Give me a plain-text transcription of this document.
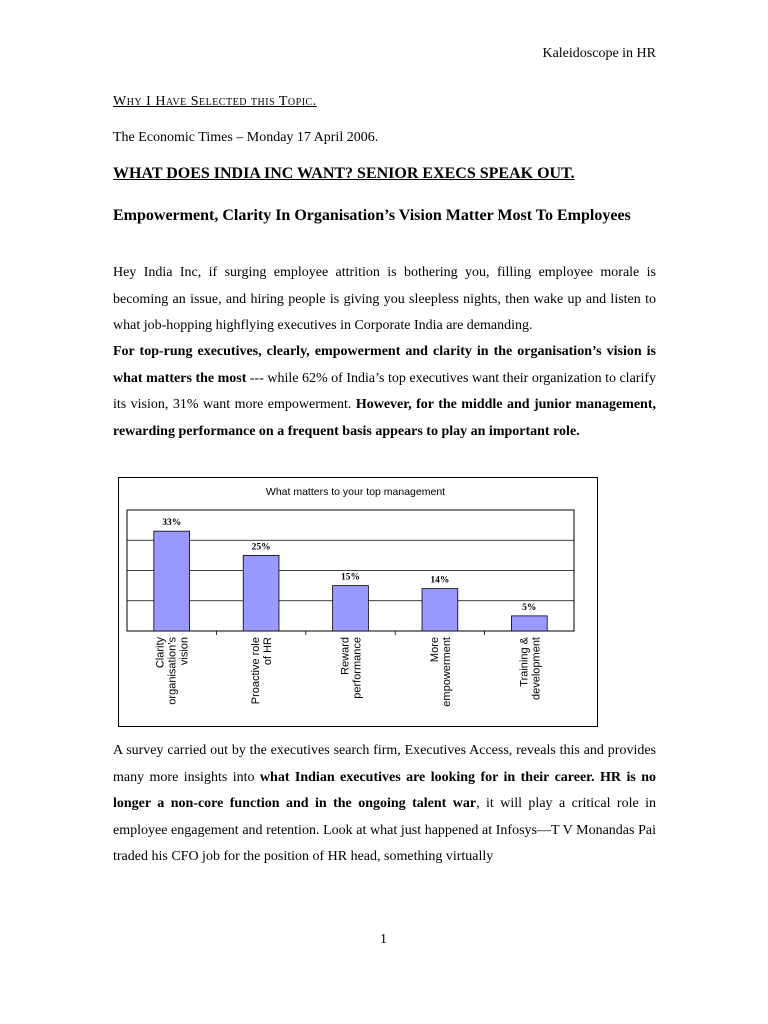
Kaleidoscope in HR
Why I Have Selected this Topic.
The Economic Times – Monday 17 April 2006.
WHAT DOES INDIA INC WANT? SENIOR EXECS SPEAK OUT.
Empowerment, Clarity In Organisation’s Vision Matter Most To Employees
Hey India Inc, if surging employee attrition is bothering you, filling employee morale is becoming an issue, and hiring people is giving you sleepless nights, then wake up and listen to what job-hopping highflying executives in Corporate India are demanding.
For top-rung executives, clearly, empowerment and clarity in the organisation’s vision is what matters the most --- while 62% of India’s top executives want their organization to clarify its vision, 31% want more empowerment. However, for the middle and junior management, rewarding performance on a frequent basis appears to play an important role.
What matters to your top management
33%
Clarityorganisation’svision
25%
Proactive roleof HR
15%
Rewardperformance
14%
Moreempowerment
5%
Training &development
A survey carried out by the executives search firm, Executives Access, reveals this and provides many more insights into what Indian executives are looking for in their career. HR is no longer a non-core function and in the ongoing talent war, it will play a critical role in employee engagement and retention. Look at what just happened at Infosys—T V Monandas Pai traded his CFO job for the position of HR head, something virtually
1
